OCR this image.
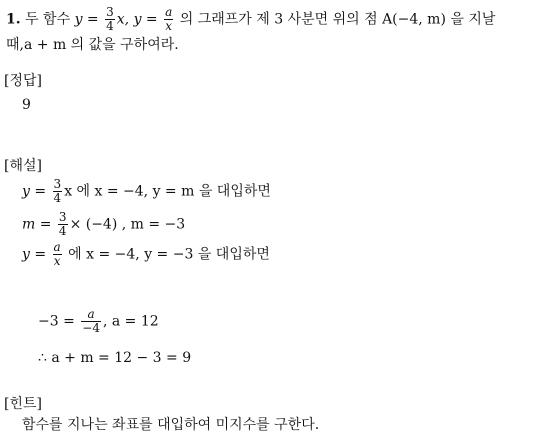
1. 두 함수 $y = \frac{3}{4} x$, $y = \frac{a}{x}$ 의 그래프가 제 3 사분면 위의 점 A(−4, m) 을 지날
때,a + m 의 값을 구하여라.
[정답]
9
[해설]
$y = \frac{3}{4}$ x 에 x = −4, y = m 을 대입하면
$m = \frac{3}{4} \times (-4)$ , m = −3
$y = \frac{a}{x}$ 에 x = −4, y = −3 을 대입하면
$-3 = \frac{a}{-4}$ , a = 12
∴ a + m = 12 − 3 = 9
[힌트]
함수를 지나는 좌표를 대입하여 미지수를 구한다.
